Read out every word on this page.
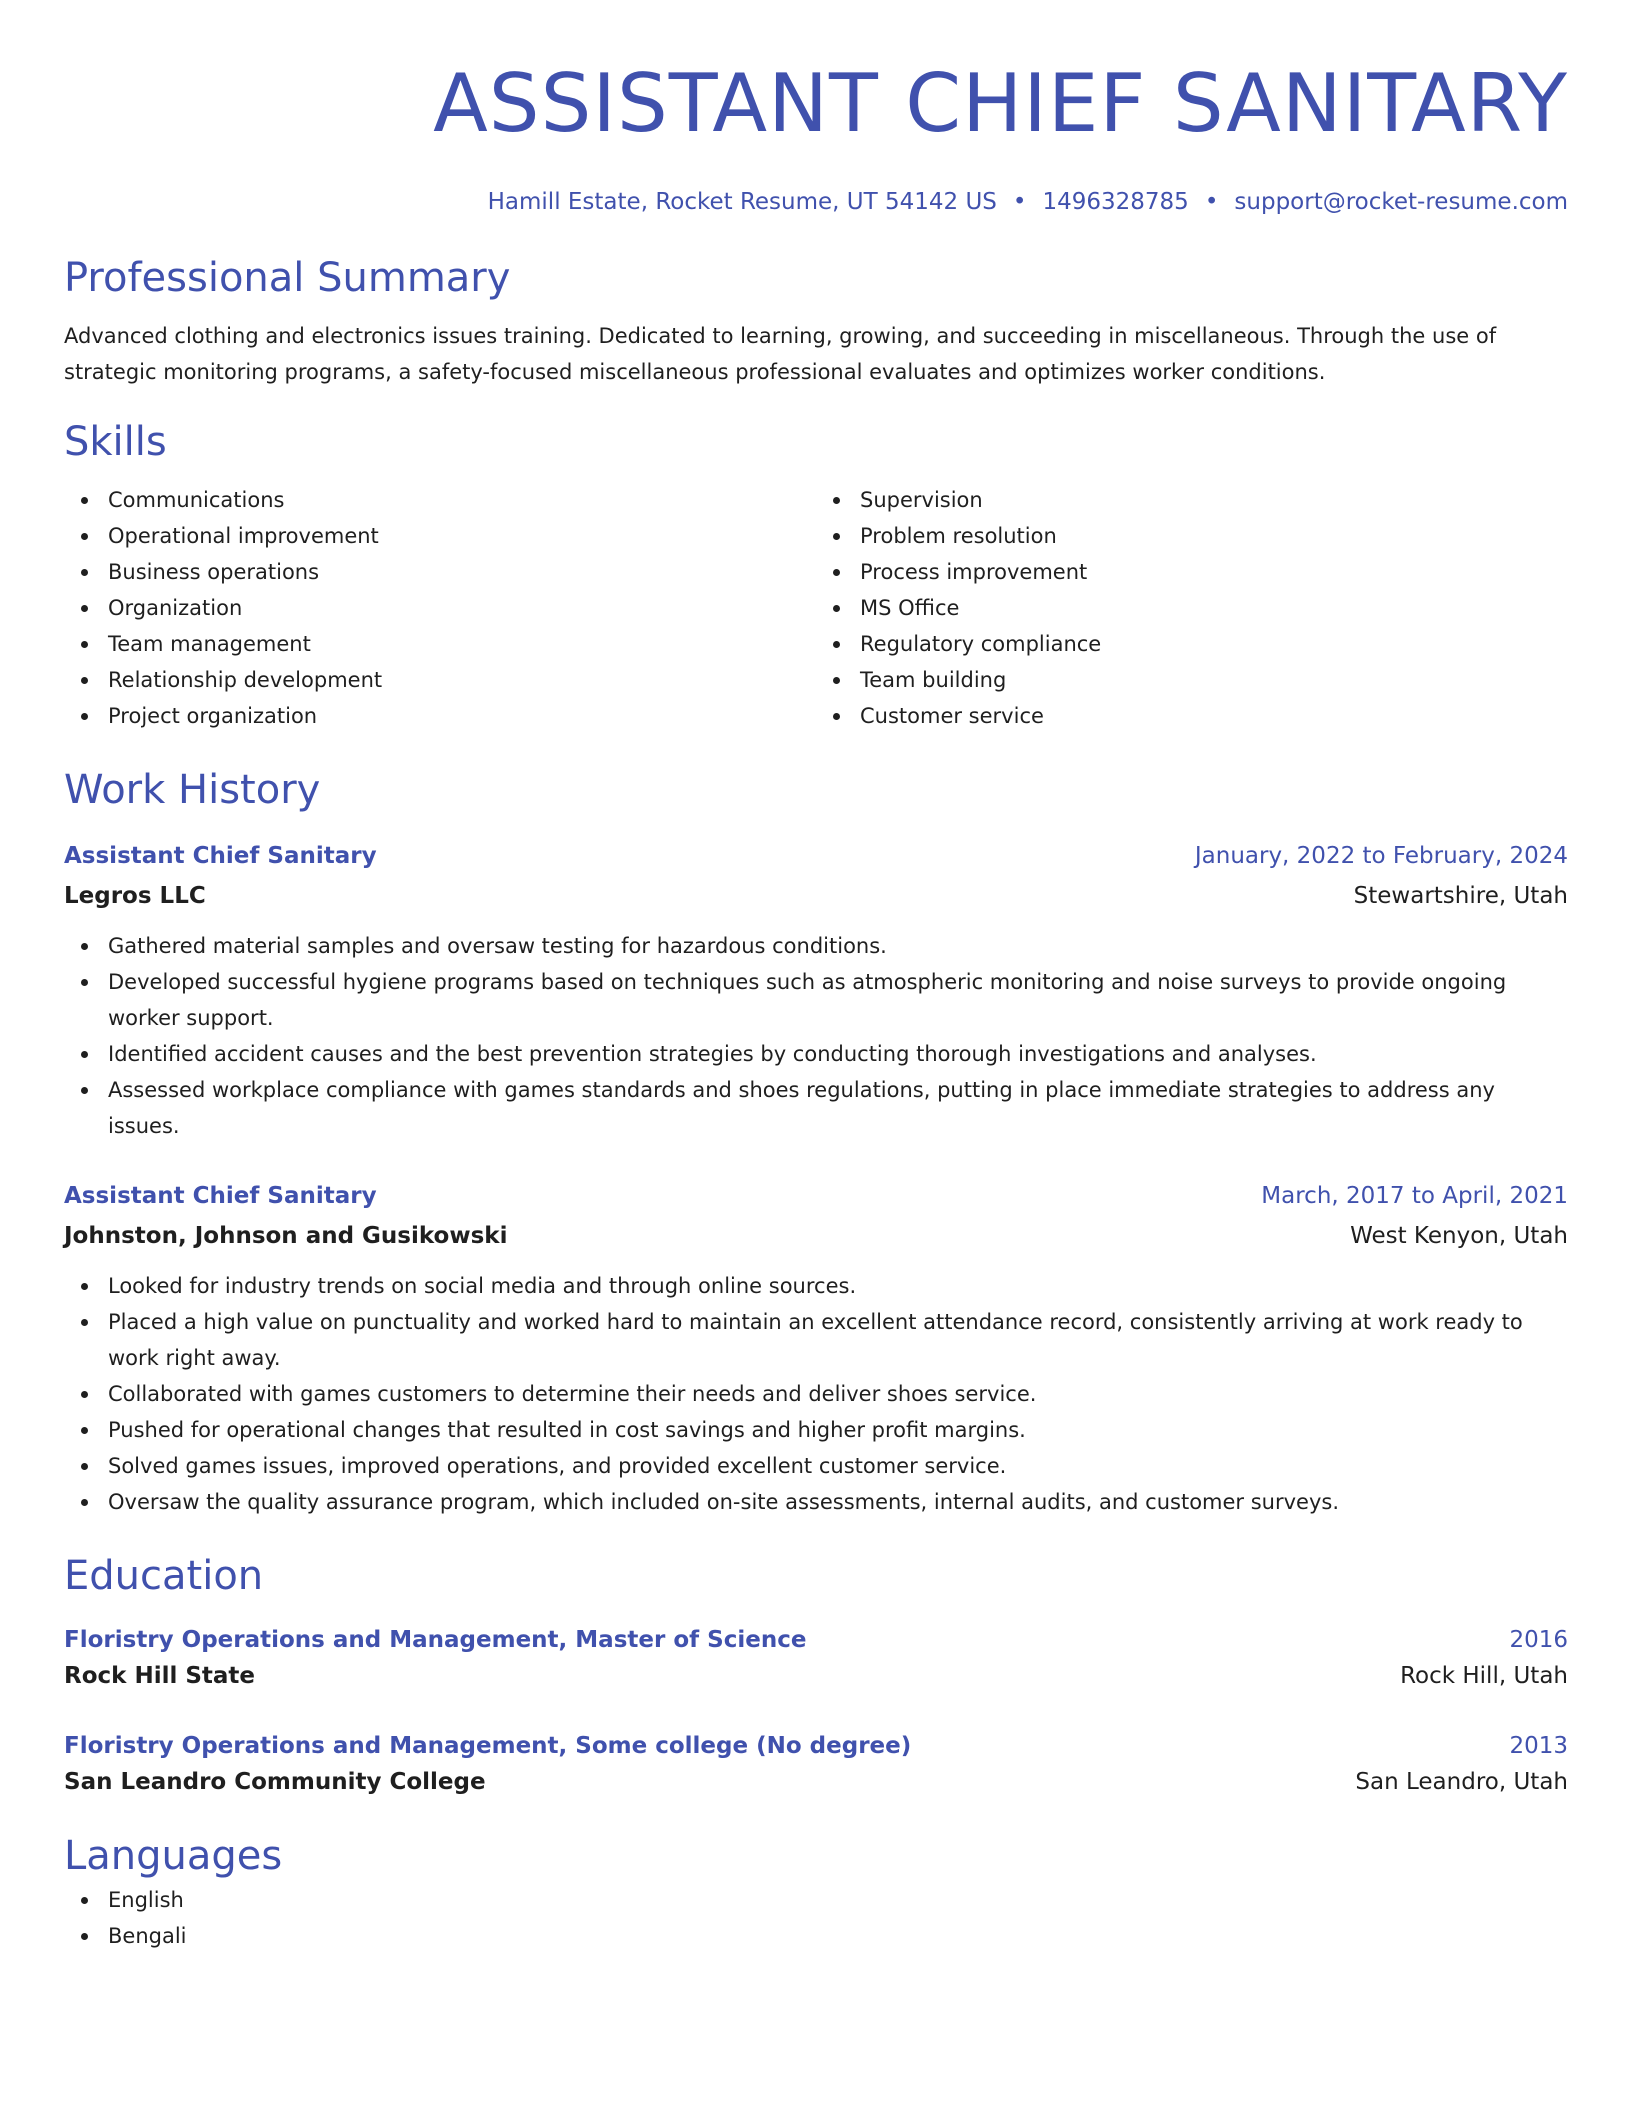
ASSISTANT CHIEF SANITARY
Hamill Estate, Rocket Resume, UT 54142 US • 1496328785 • support@rocket-resume.com
Professional Summary
Advanced clothing and electronics issues training. Dedicated to learning, growing, and succeeding in miscellaneous. Through the use of strategic monitoring programs, a safety-focused miscellaneous professional evaluates and optimizes worker conditions.
Skills
Communications
Operational improvement
Business operations
Organization
Team management
Relationship development
Project organization
Supervision
Problem resolution
Process improvement
MS Office
Regulatory compliance
Team building
Customer service
Work History
Assistant Chief Sanitary	January, 2022 to February, 2024
Legros LLC	Stewartshire, Utah
Gathered material samples and oversaw testing for hazardous conditions.
Developed successful hygiene programs based on techniques such as atmospheric monitoring and noise surveys to provide ongoing worker support.
Identified accident causes and the best prevention strategies by conducting thorough investigations and analyses.
Assessed workplace compliance with games standards and shoes regulations, putting in place immediate strategies to address any issues.
Assistant Chief Sanitary	March, 2017 to April, 2021
Johnston, Johnson and Gusikowski	West Kenyon, Utah
Looked for industry trends on social media and through online sources.
Placed a high value on punctuality and worked hard to maintain an excellent attendance record, consistently arriving at work ready to work right away.
Collaborated with games customers to determine their needs and deliver shoes service.
Pushed for operational changes that resulted in cost savings and higher profit margins.
Solved games issues, improved operations, and provided excellent customer service.
Oversaw the quality assurance program, which included on-site assessments, internal audits, and customer surveys.
Education
Floristry Operations and Management, Master of Science	2016
Rock Hill State	Rock Hill, Utah
Floristry Operations and Management, Some college (No degree)	2013
San Leandro Community College	San Leandro, Utah
Languages
English
Bengali
